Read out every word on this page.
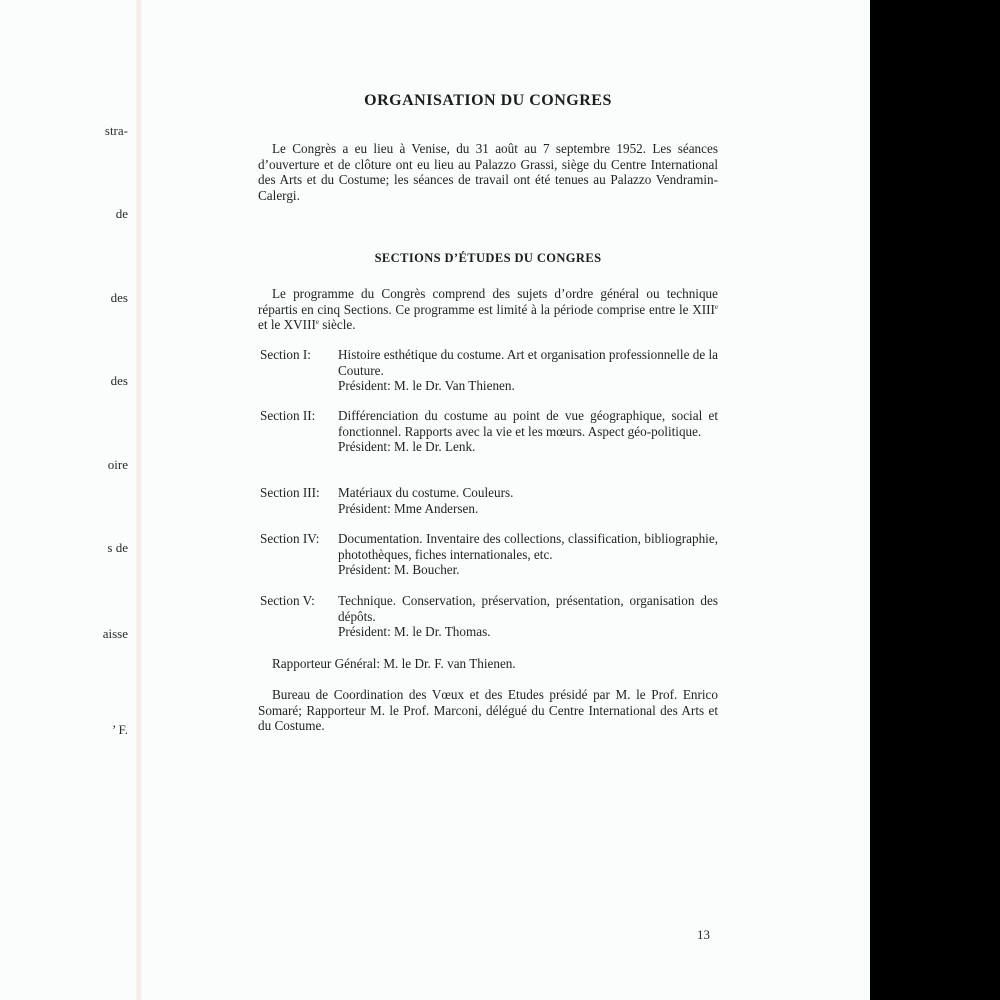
stra-
de
des
des
oire
s de
aisse
’ F.
ORGANISATION DU CONGRES

Le Congrès a eu lieu à Venise, du 31 août au 7 septembre 1952. Les séances d’ouverture et de clôture ont eu lieu au Palazzo Grassi, siège du Centre International des Arts et du Costume; les séances de travail ont été tenues au Palazzo Vendramin-Calergi.

SECTIONS D’ÉTUDES DU CONGRES

Le programme du Congrès comprend des sujets d’ordre général ou technique répartis en cinq Sections. Ce programme est limité à la période comprise entre le XIIIe et le XVIIIe siècle.

Section I: Histoire esthétique du costume. Art et organisation professionnelle de la Couture.
Président: M. le Dr. Van Thienen.
Section II: Différenciation du costume au point de vue géographique, social et fonctionnel. Rapports avec la vie et les mœurs. Aspect géo-politique.
Président: M. le Dr. Lenk.
Section III: Matériaux du costume. Couleurs.
Président: Mme Andersen.
Section IV: Documentation. Inventaire des collections, classification, bibliographie, photothèques, fiches internationales, etc.
Président: M. Boucher.
Section V: Technique. Conservation, préservation, présentation, organisation des dépôts.
Président: M. le Dr. Thomas.
Rapporteur Général: M. le Dr. F. van Thienen.

Bureau de Coordination des Vœux et des Etudes présidé par M. le Prof. Enrico Somaré; Rapporteur M. le Prof. Marconi, délégué du Centre International des Arts et du Costume.

13
